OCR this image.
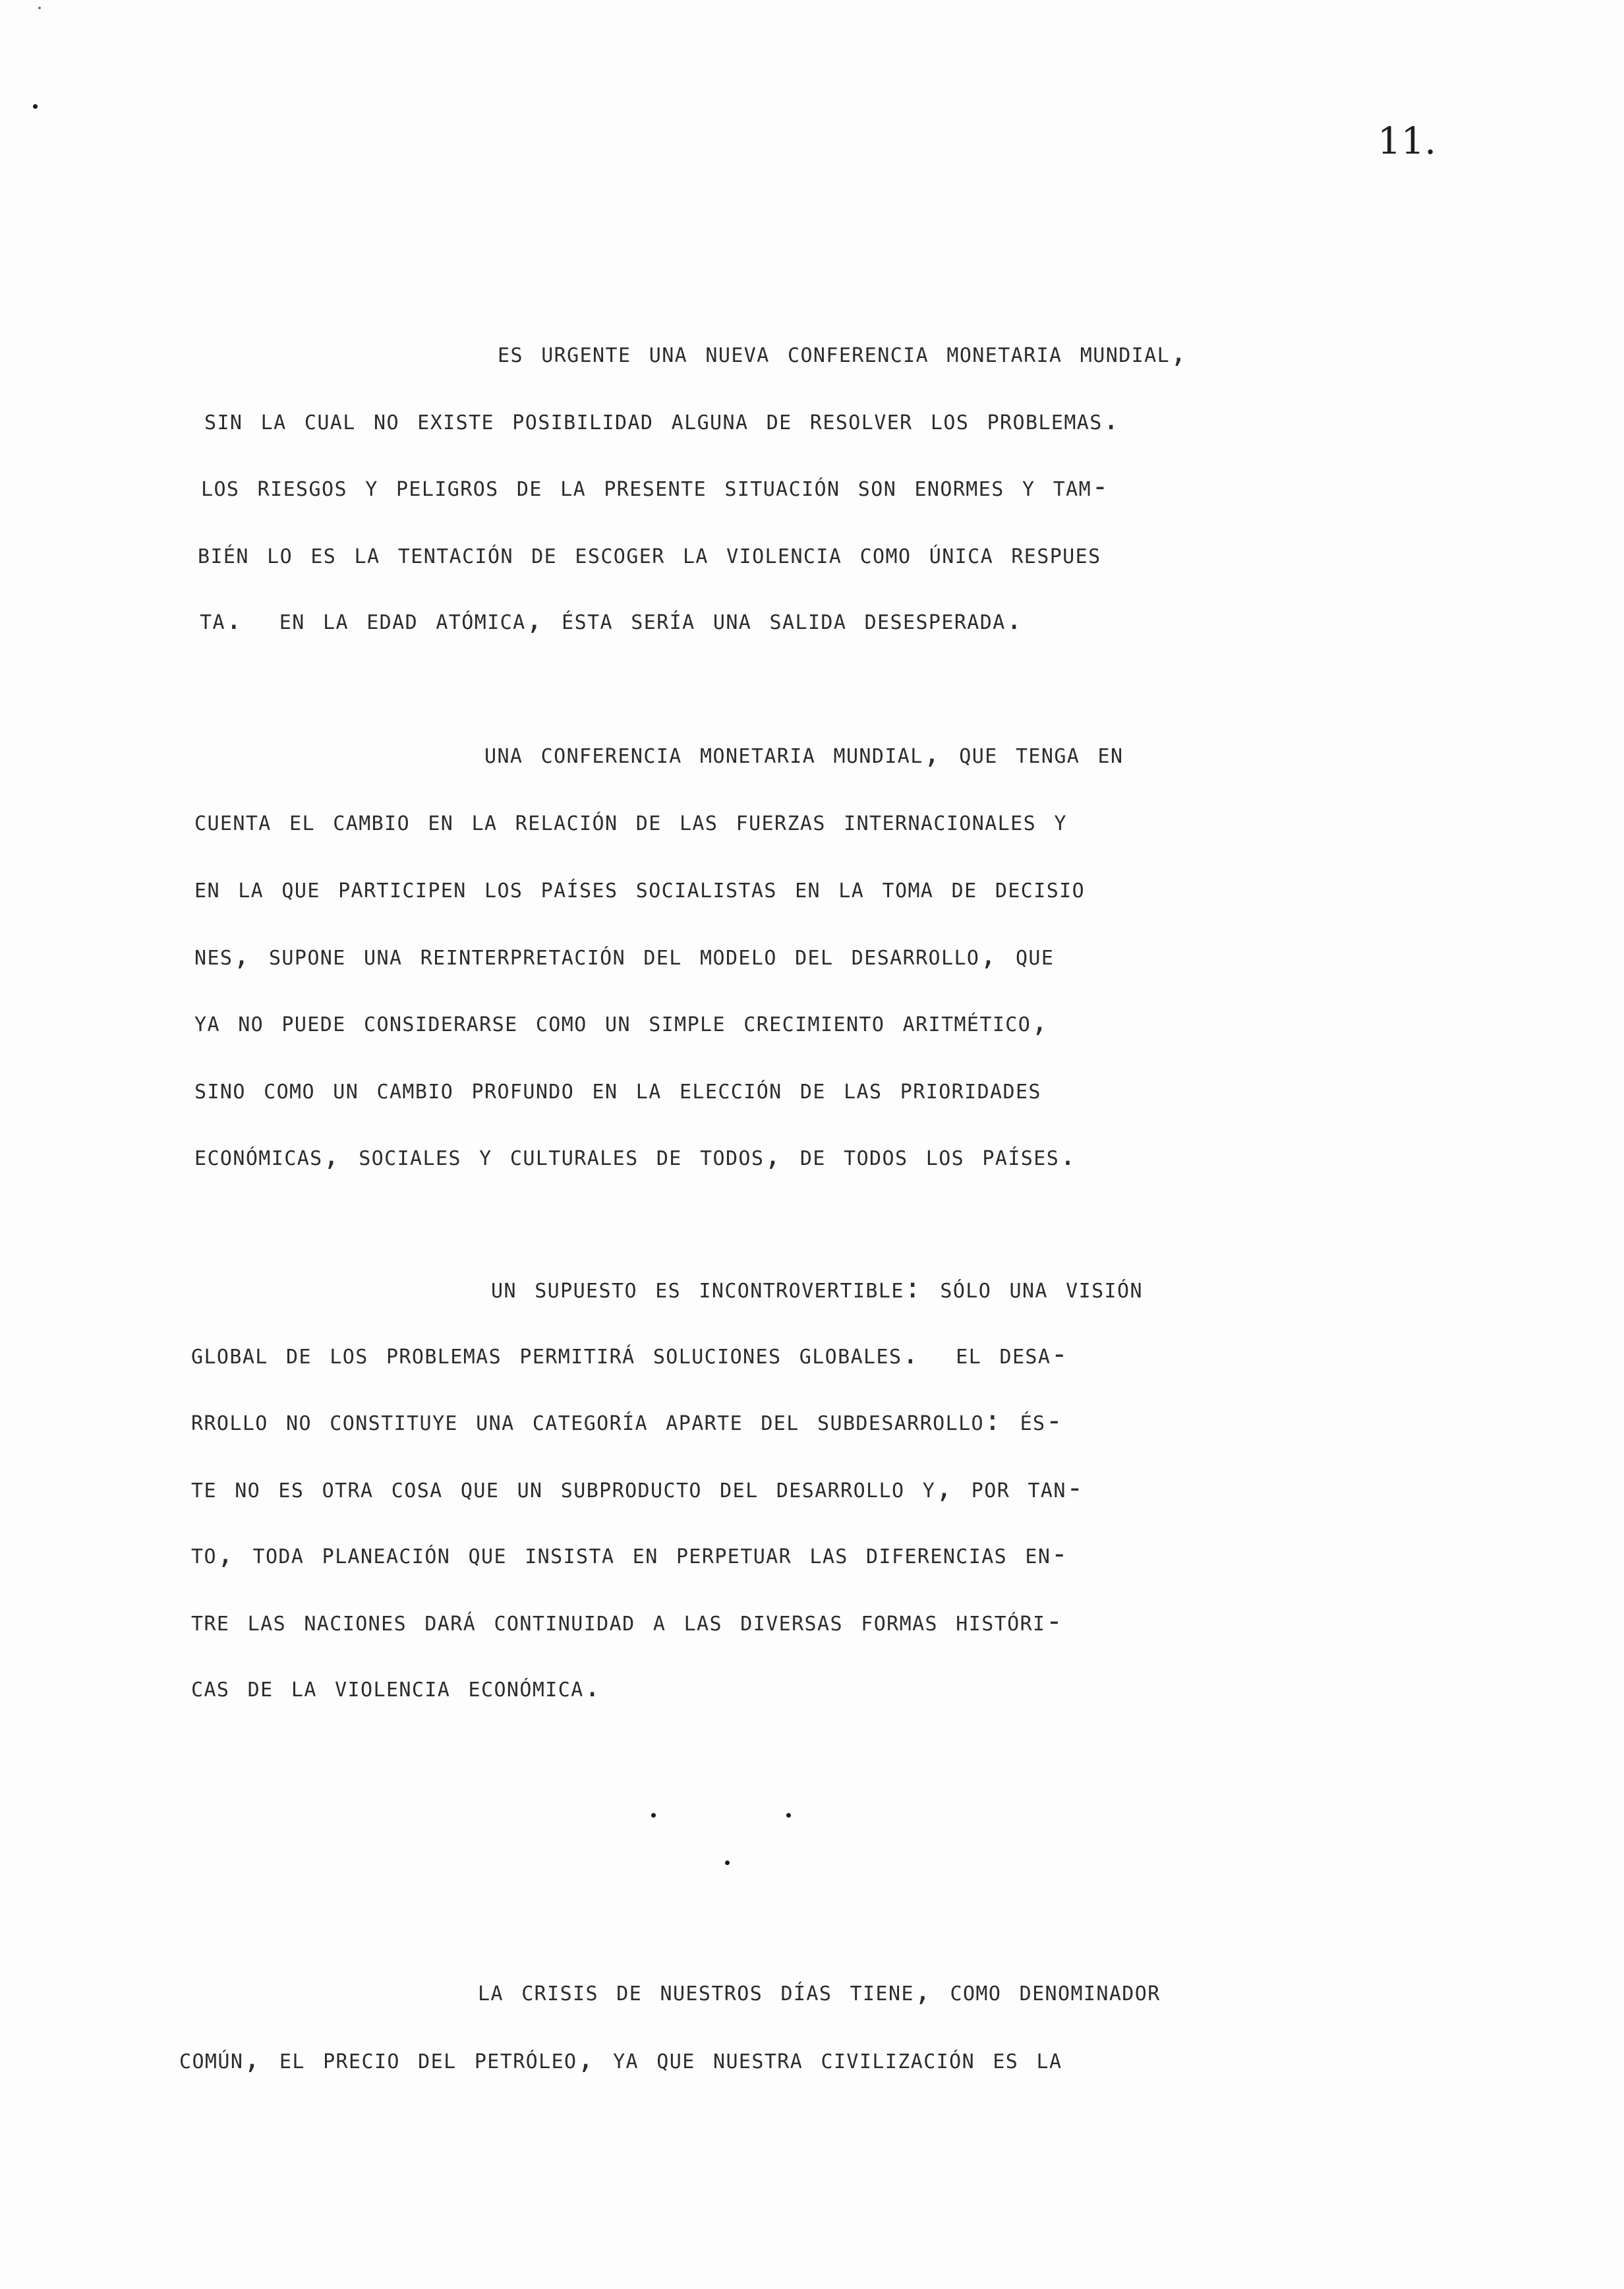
11.
es urgente una nueva conferencia monetaria mundial,
sin la cual no existe posibilidad alguna de resolver los problemas.
los riesgos y peligros de la presente situación son enormes y tam-
bién lo es la tentación de escoger la violencia como única respues
ta.  en la edad atómica, ésta sería una salida desesperada.
una conferencia monetaria mundial, que tenga en
cuenta el cambio en la relación de las fuerzas internacionales y
en la que participen los países socialistas en la toma de decisio
nes, supone una reinterpretación del modelo del desarrollo, que
ya no puede considerarse como un simple crecimiento aritmético,
sino como un cambio profundo en la elección de las prioridades
económicas, sociales y culturales de todos, de todos los países.
un supuesto es incontrovertible: sólo una visión
global de los problemas permitirá soluciones globales.  el desa-
rrollo no constituye una categoría aparte del subdesarrollo: és-
te no es otra cosa que un subproducto del desarrollo y, por tan-
to, toda planeación que insista en perpetuar las diferencias en-
tre las naciones dará continuidad a las diversas formas históri-
cas de la violencia económica.
la crisis de nuestros días tiene, como denominador
común, el precio del petróleo, ya que nuestra civilización es la
